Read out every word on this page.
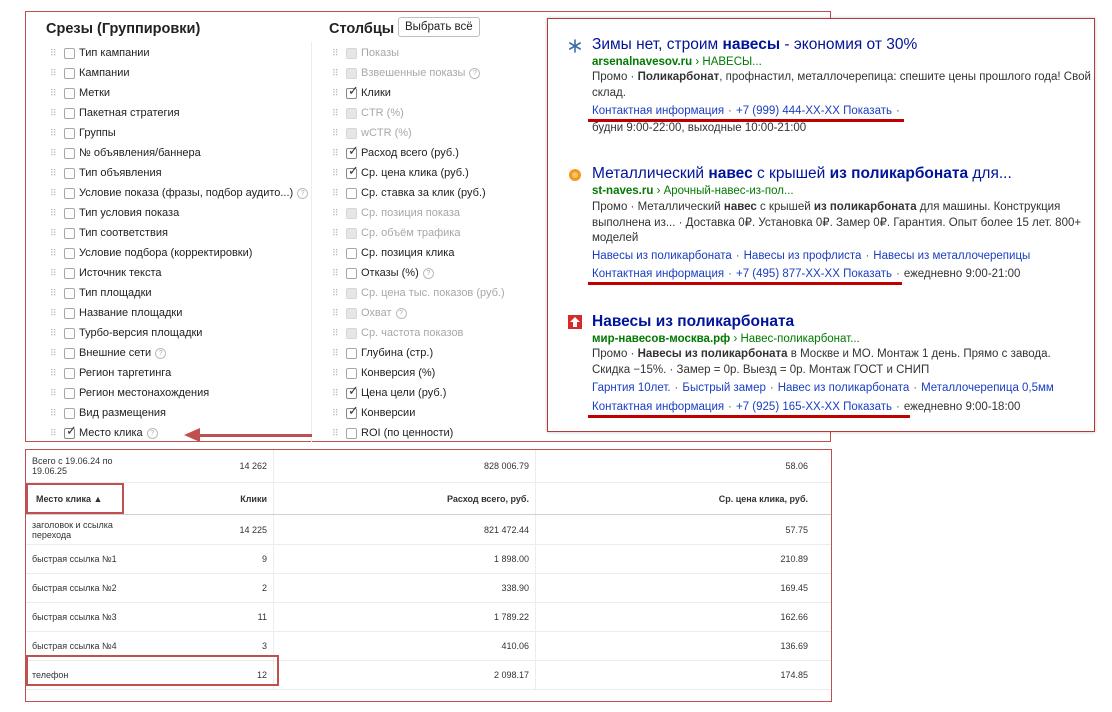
Срезы (Группировки)	Столбцы Выбрать всё
⠿	Тип кампании
⠿	Кампании
⠿	Метки
⠿	Пакетная стратегия
⠿	Группы
⠿	№ объявления/баннера
⠿	Тип объявления
⠿	Условие показа (фразы, подбор аудито...)	?
⠿	Тип условия показа
⠿	Тип соответствия
⠿	Условие подбора (корректировки)
⠿	Источник текста
⠿	Тип площадки
⠿	Название площадки
⠿	Турбо-версия площадки
⠿	Внешние сети	?
⠿	Регион таргетинга
⠿	Регион местонахождения
⠿	Вид размещения
⠿ ✓ Место клика	?
⠿	Показы
⠿	Взвешенные показы	?
⠿ ✓ Клики
⠿	CTR (%)
⠿	wCTR (%)
⠿ ✓ Расход всего (руб.)
⠿ ✓ Ср. цена клика (руб.)
⠿	Ср. ставка за клик (руб.)
⠿	Ср. позиция показа
⠿	Ср. объём трафика
⠿	Ср. позиция клика
⠿	Отказы (%)	?
⠿	Ср. цена тыс. показов (руб.)
⠿	Охват	?
⠿	Ср. частота показов
⠿	Глубина (стр.)
⠿	Конверсия (%)
⠿ ✓ Цена цели (руб.)
⠿ ✓ Конверсии
⠿	ROI (по ценности)
Зимы нет, строим навесы - экономия от 30%
arsenalnavesov.ru › НАВЕСЫ...
Промо · Поликарбонат, профнастил, металлочерепица: спешите цены прошлого года! Свой склад.
Контактная информация · +7 (999) 444-XX-XX Показать ·
будни 9:00-22:00, выходные 10:00-21:00
Металлический навес с крышей из поликарбоната для...
st-naves.ru › Арочный-навес-из-пол...
Промо · Металлический навес с крышей из поликарбоната для машины. Конструкция выполнена из... · Доставка 0₽. Установка 0₽. Замер 0₽. Гарантия. Опыт более 15 лет. 800+ моделей
Навесы из поликарбоната · Навесы из профлиста · Навесы из металлочерепицы
Контактная информация · +7 (495) 877-XX-XX Показать · ежедневно 9:00-21:00
Навесы из поликарбоната
мир-навесов-москва.рф › Навес-поликарбонат...
Промо · Навесы из поликарбоната в Москве и МО. Монтаж 1 день. Прямо с завода. Скидка −15%. · Замер = 0р. Выезд = 0р. Монтаж ГОСТ и СНИП
Гарнтия 10лет. · Быстрый замер · Навес из поликарбоната · Металлочерепица 0,5мм
Контактная информация · +7 (925) 165-XX-XX Показать · ежедневно 9:00-18:00
Всего с 19.06.24 по 19.06.25	14 262	828 006.79	58.06
Место клика ▲	Клики	Расход всего, руб.	Ср. цена клика, руб.
заголовок и ссылка перехода	14 225	821 472.44	57.75
быстрая ссылка №1	9	1 898.00	210.89
быстрая ссылка №2	2	338.90	169.45
быстрая ссылка №3	11	1 789.22	162.66
быстрая ссылка №4	3	410.06	136.69
телефон	12	2 098.17	174.85
